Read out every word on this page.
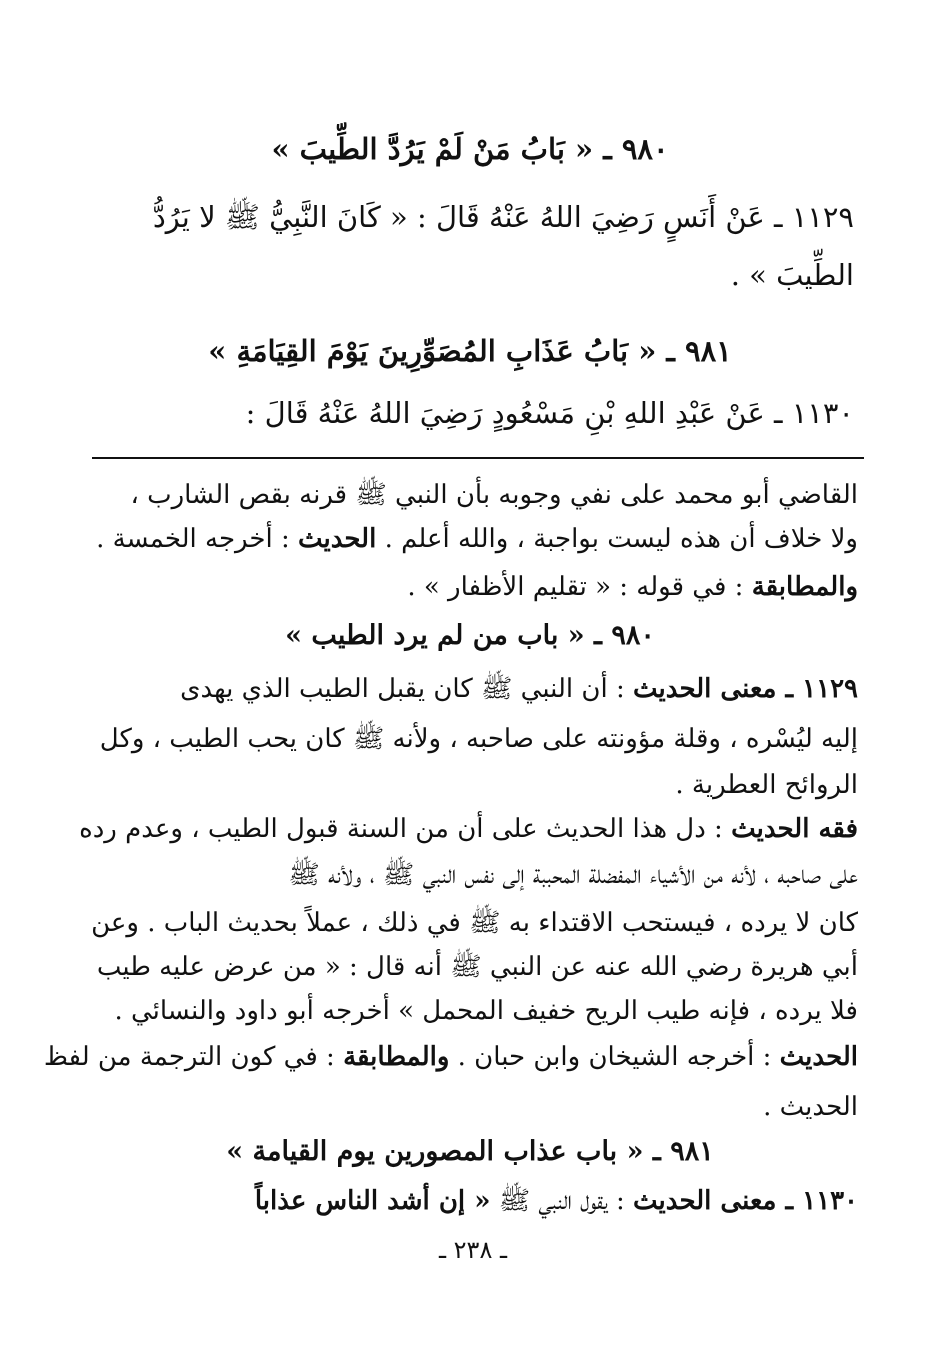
٩٨٠ ـ « بَابُ مَنْ لَمْ يَرُدَّ الطِّيبَ »
١١٢٩ ـ عَنْ أَنَسٍ رَضِيَ اللهُ عَنْهُ قَالَ : « كَانَ النَّبِيُّ ﷺ لا يَرُدُّ
الطِّيبَ » .
٩٨١ ـ « بَابُ عَذَابِ المُصَوِّرِينَ يَوْمَ القِيَامَةِ »
١١٣٠ ـ عَنْ عَبْدِ اللهِ بْنِ مَسْعُودٍ رَضِيَ اللهُ عَنْهُ قَالَ :
القاضي أبو محمد على نفي وجوبه بأن النبي ﷺ قرنه بقص الشارب ،
ولا خلاف أن هذه ليست بواجبة ، والله أعلم . الحديث : أخرجه الخمسة .
والمطابقة : في قوله : « تقليم الأظفار » .
٩٨٠ ـ « باب من لم يرد الطيب »
١١٢٩ ـ معنى الحديث : أن النبي ﷺ كان يقبل الطيب الذي يهدى
إليه ليُسْره ، وقلة مؤونته على صاحبه ، ولأنه ﷺ كان يحب الطيب ، وكل
الروائح العطرية .
فقه الحديث : دل هذا الحديث على أن من السنة قبول الطيب ، وعدم رده
على صاحبه ، لأنه من الأشياء المفضلة المحببة إلى نفس النبي ﷺ ، ولأنه ﷺ
كان لا يرده ، فيستحب الاقتداء به ﷺ في ذلك ، عملاً بحديث الباب . وعن
أبي هريرة رضي الله عنه عن النبي ﷺ أنه قال : « من عرض عليه طيب
فلا يرده ، فإنه طيب الريح خفيف المحمل » أخرجه أبو داود والنسائي .
الحديث : أخرجه الشيخان وابن حبان . والمطابقة : في كون الترجمة من لفظ
الحديث .
٩٨١ ـ « باب عذاب المصورين يوم القيامة »
١١٣٠ ـ معنى الحديث : يقول النبي ﷺ « إن أشد الناس عذاباً
ـ ٢٣٨ ـ
